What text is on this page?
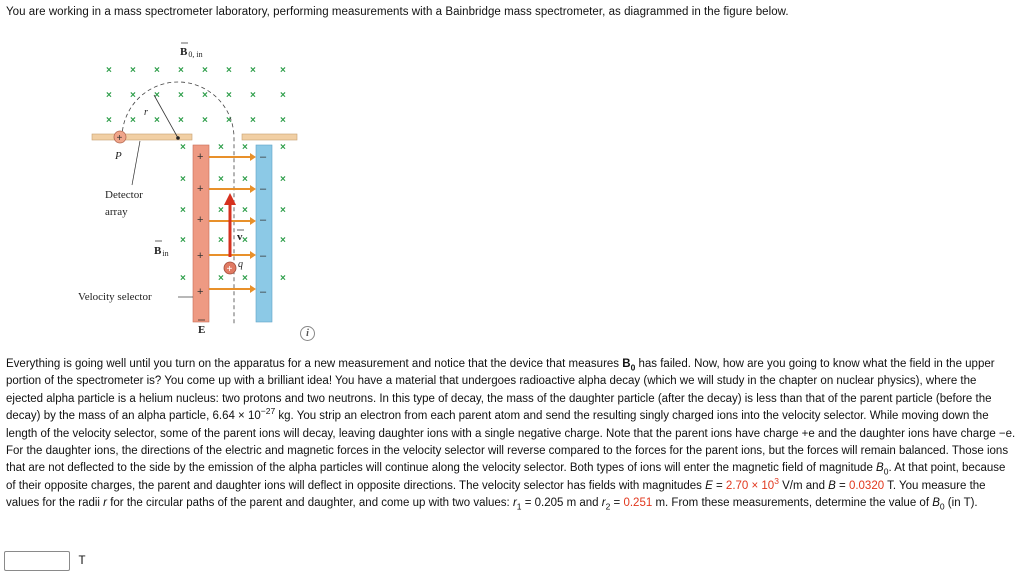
You are working in a mass spectrometer laboratory, performing measurements with a Bainbridge mass spectrometer, as diagrammed in the figure below.
× × × × × × × ×
× × × × × × × ×
× × × × × × × ×
×	× ×	×
×	× ×	×
×	× ×	×
×	× ×	×
×	× ×	×
r
+
P
B0, in
Detector
array
Bin
+	–
+	–
+	–
+	–
+	–
v
+ q
Velocity selector
E	i
Everything is going well until you turn on the apparatus for a new measurement and notice that the device that measures $B_0$ has failed. Now, how are you going to know what the field in the upper portion of the spectrometer is? You come up with a brilliant idea! You have a material that undergoes radioactive alpha decay (which we will study in the chapter on nuclear physics), where the ejected alpha particle is a helium nucleus: two protons and two neutrons. In this type of decay, the mass of the daughter particle (after the decay) is less than that of the parent particle (before the decay) by the mass of an alpha particle, $6.64 \times 10^{-27}$ kg. You strip an electron from each parent atom and send the resulting singly charged ions into the velocity selector. While moving down the length of the velocity selector, some of the parent ions will decay, leaving daughter ions with a single negative charge. Note that the parent ions have charge +e and the daughter ions have charge −e. For the daughter ions, the directions of the electric and magnetic forces in the velocity selector will reverse compared to the forces for the parent ions, but the forces will remain balanced. Those ions that are not deflected to the side by the emission of the alpha particles will continue along the velocity selector. Both types of ions will enter the magnetic field of magnitude $B_0$. At that point, because of their opposite charges, the parent and daughter ions will deflect in opposite directions. The velocity selector has fields with magnitudes $E = 2.70 \times 10^3$ V/m and B = 0.0320 T. You measure the values for the radii r for the circular paths of the parent and daughter, and come up with two values: $r_1 = 0.205$ m and $r_2 = 0.251$ m. From these measurements, determine the value of $B_0$ (in T).
T
